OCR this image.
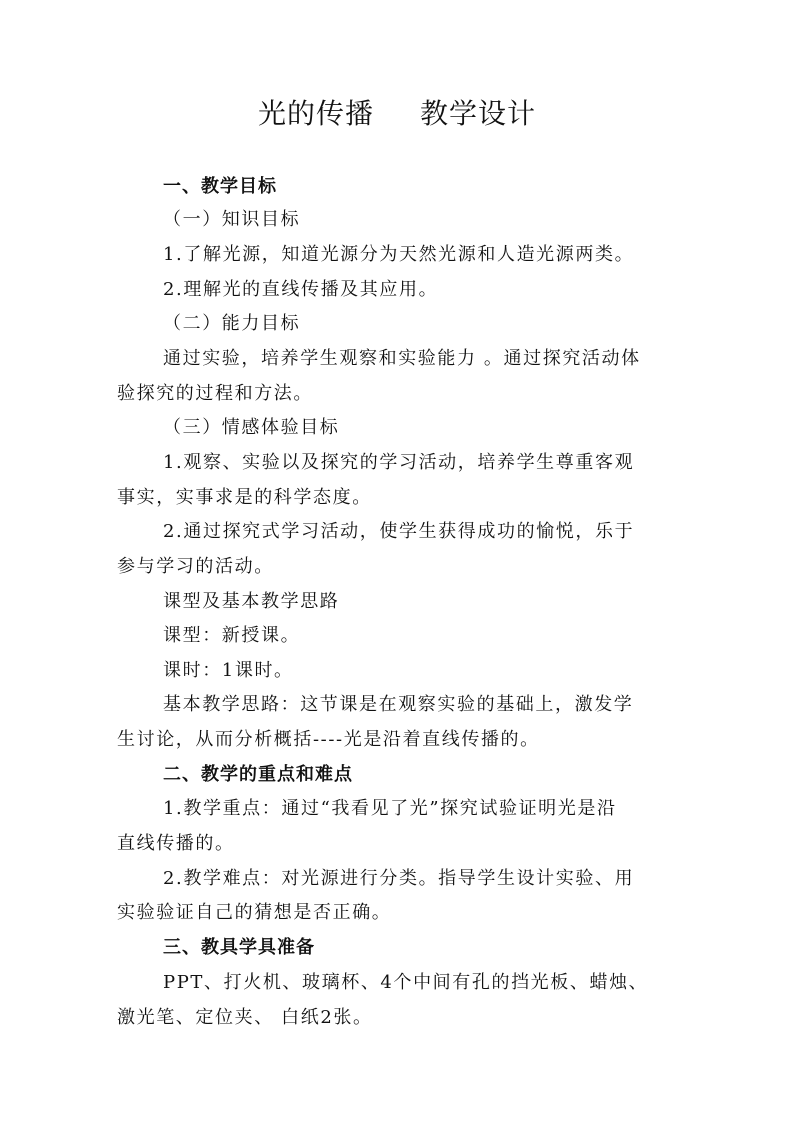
光的传播 教学设计
一、教学目标
（一）知识目标
1.了解光源，知道光源分为天然光源和人造光源两类。
2.理解光的直线传播及其应用。
（二）能力目标
通过实验，培养学生观察和实验能力 。通过探究活动体
验探究的过程和方法。
（三）情感体验目标
1.观察、实验以及探究的学习活动，培养学生尊重客观
事实，实事求是的科学态度。
2.通过探究式学习活动，使学生获得成功的愉悦，乐于
参与学习的活动。
课型及基本教学思路
课型：新授课。
课时：1课时。
基本教学思路：这节课是在观察实验的基础上，激发学
生讨论，从而分析概括----光是沿着直线传播的。
二、教学的重点和难点
1.教学重点：通过“我看见了光”探究试验证明光是沿
直线传播的。
2.教学难点：对光源进行分类。指导学生设计实验、用
实验验证自己的猜想是否正确。
三、教具学具准备
PPT、打火机、玻璃杯、4个中间有孔的挡光板、蜡烛、
激光笔、定位夹、 白纸2张。
